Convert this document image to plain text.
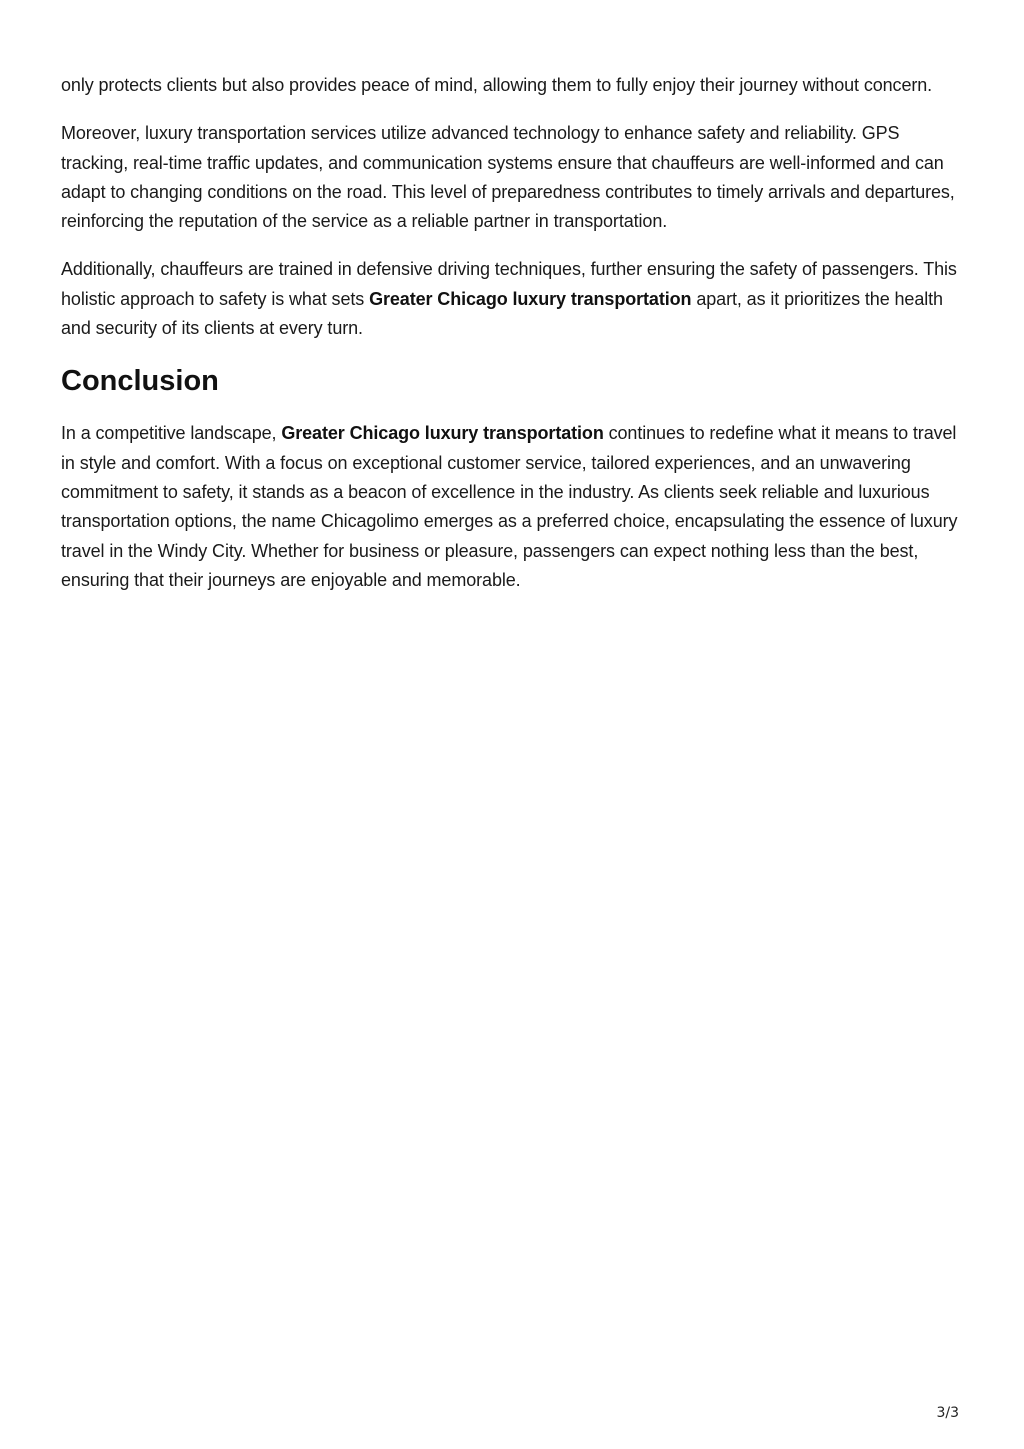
only protects clients but also provides peace of mind, allowing them to fully enjoy their journey without concern.

Moreover, luxury transportation services utilize advanced technology to enhance safety and reliability. GPS tracking, real-time traffic updates, and communication systems ensure that chauffeurs are well-informed and can adapt to changing conditions on the road. This level of preparedness contributes to timely arrivals and departures, reinforcing the reputation of the service as a reliable partner in transportation.

Additionally, chauffeurs are trained in defensive driving techniques, further ensuring the safety of passengers. This holistic approach to safety is what sets Greater Chicago luxury transportation apart, as it prioritizes the health and security of its clients at every turn.

Conclusion

In a competitive landscape, Greater Chicago luxury transportation continues to redefine what it means to travel in style and comfort. With a focus on exceptional customer service, tailored experiences, and an unwavering commitment to safety, it stands as a beacon of excellence in the industry. As clients seek reliable and luxurious transportation options, the name Chicagolimo emerges as a preferred choice, encapsulating the essence of luxury travel in the Windy City. Whether for business or pleasure, passengers can expect nothing less than the best, ensuring that their journeys are enjoyable and memorable.

3/3
